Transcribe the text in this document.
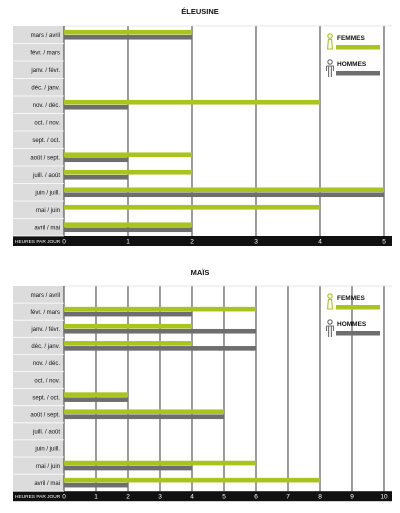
ÉLEUSINE
0	1	2	3	4	5
HEURES PAR JOUR
mars / avril
févr. / mars
janv. / févr.
déc. / janv.
nov. / déc.
oct. / nov.
sept. / oct.
août / sept.
juill. / août
juin / juill.
mai / juin
avril / mai
FEMMES
HOMMES
MAÏS
0	1	2	3	4	5	6	7	8	9	10
HEURES PAR JOUR
mars / avril
févr. / mars
janv. / févr.
déc. / janv.
nov. / déc.
oct. / nov.
sept. / oct.
août / sept.
juill. / août
juin / juill.
mai / juin
avril / mai
FEMMES
HOMMES
